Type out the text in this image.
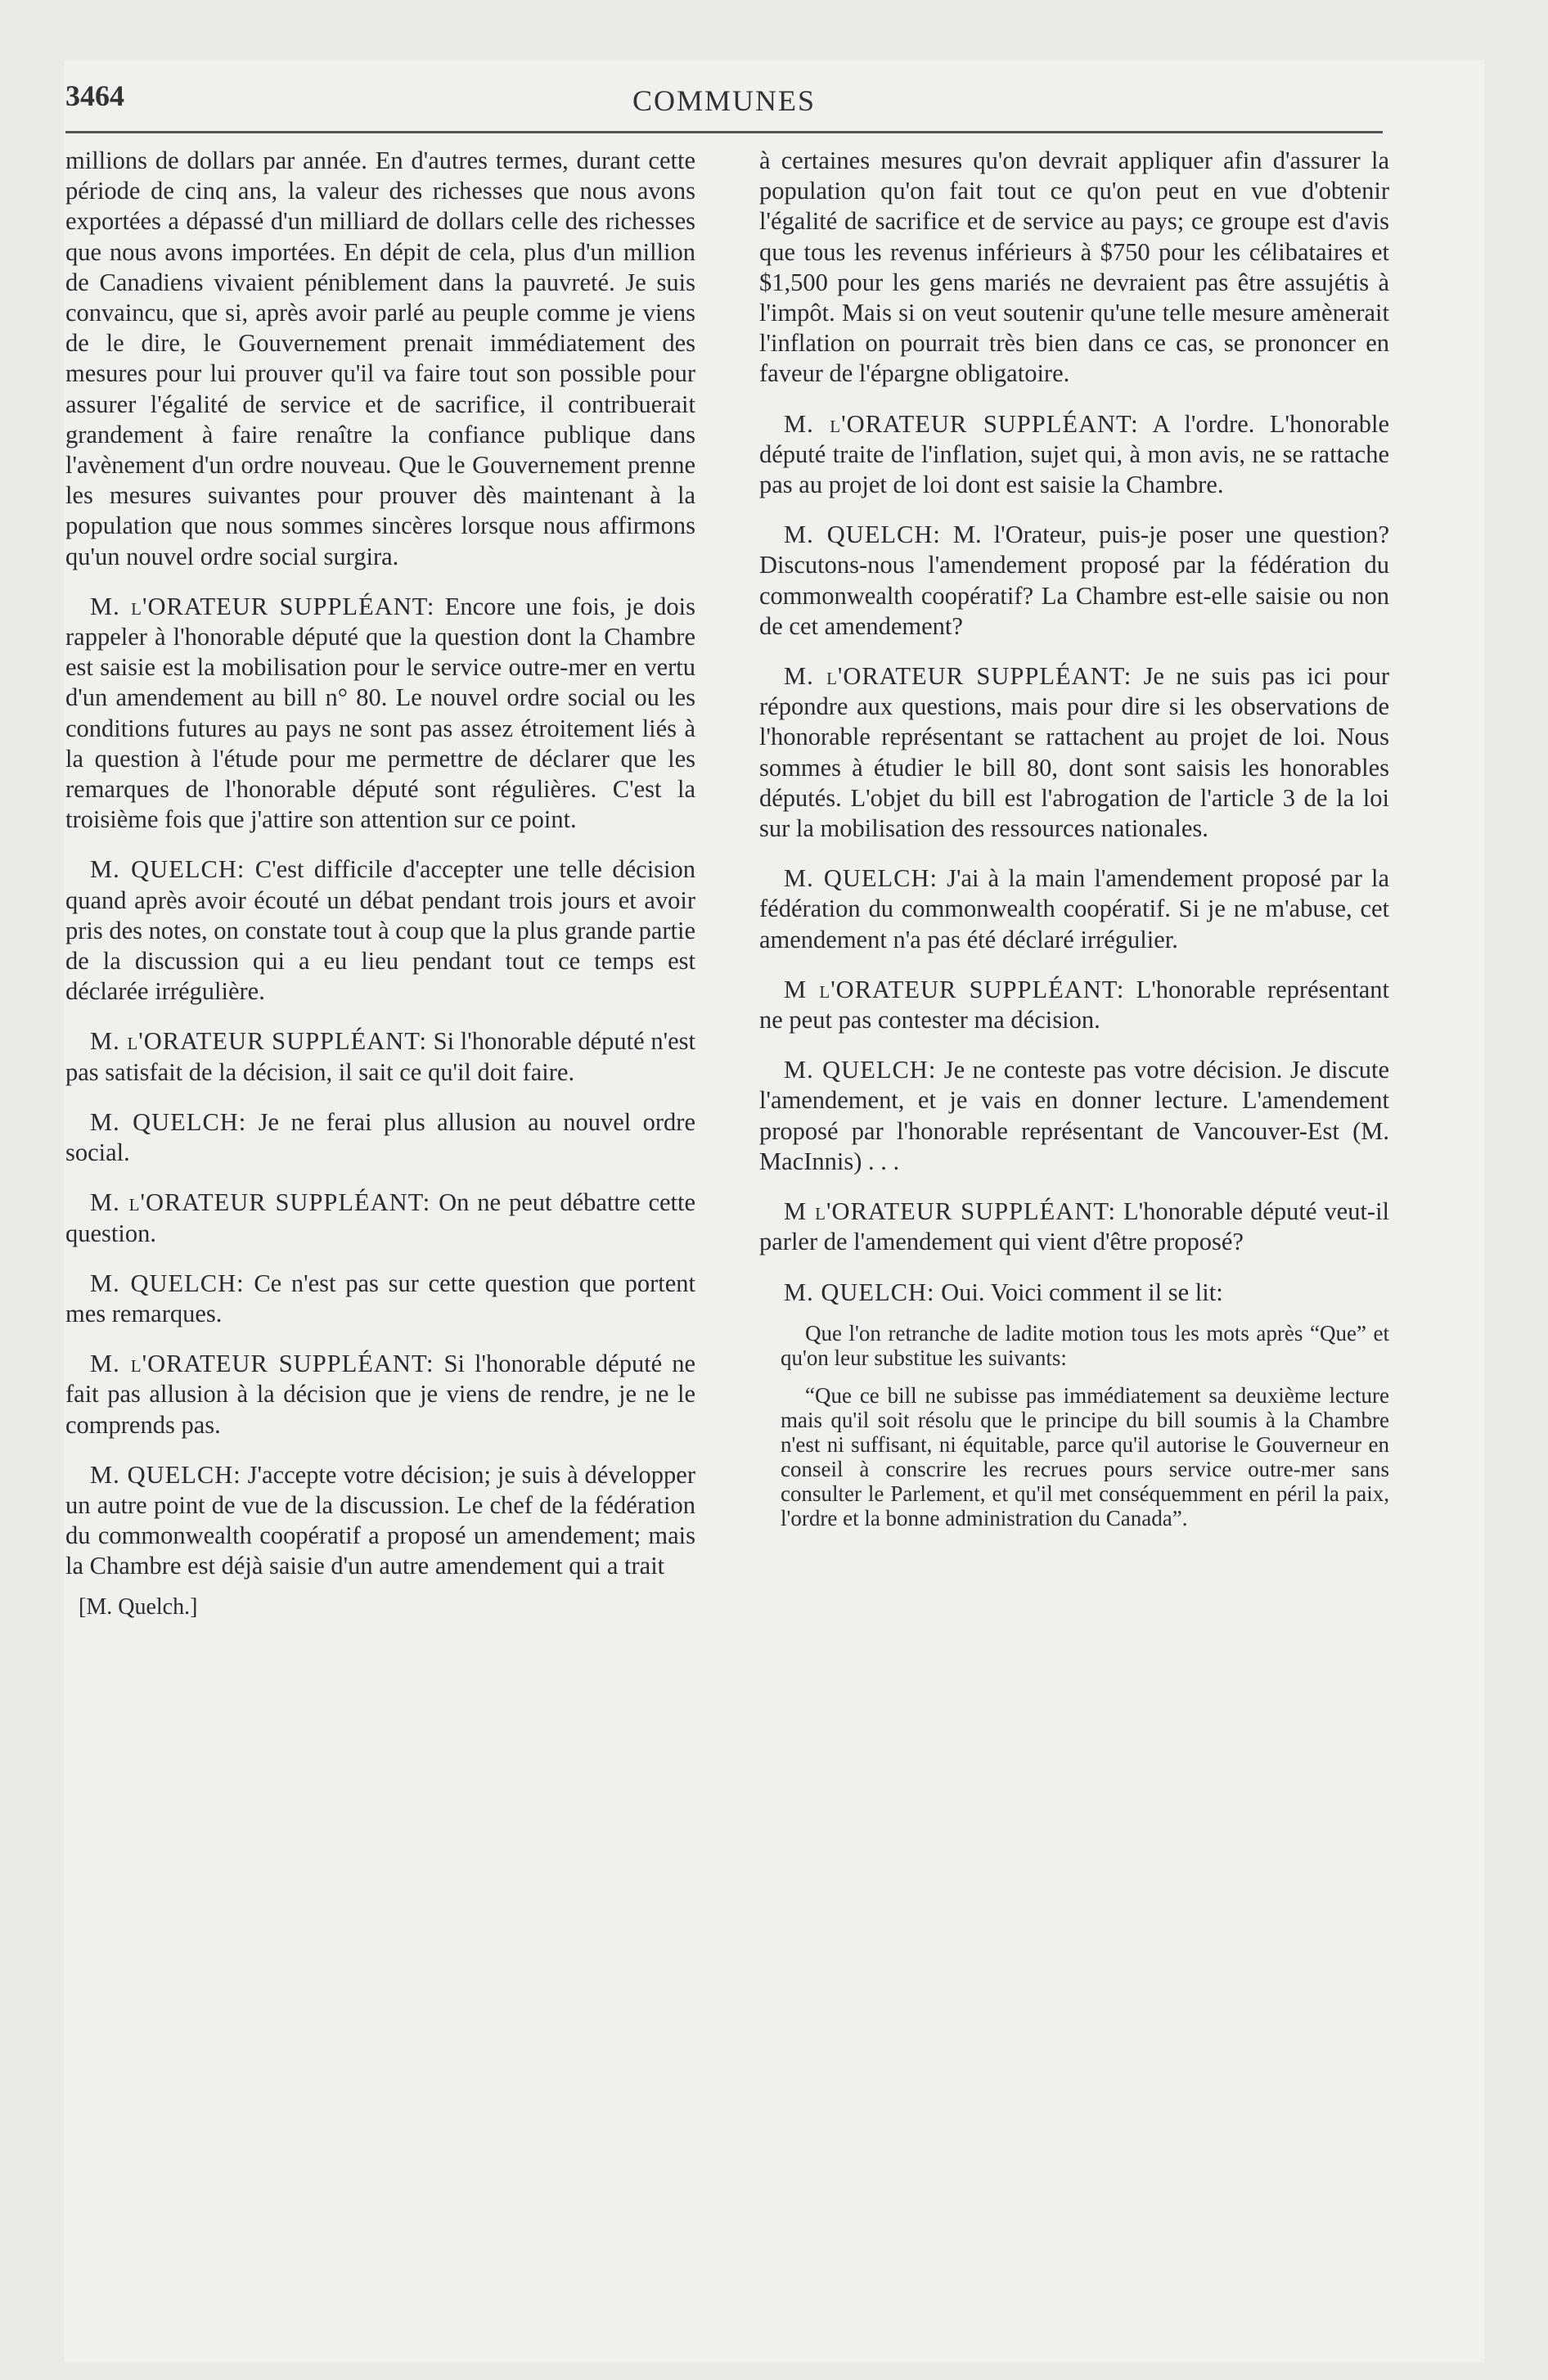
3464	COMMUNES

millions de dollars par année. En d'autres termes, durant cette période de cinq ans, la valeur des richesses que nous avons exportées a dépassé d'un milliard de dollars celle des richesses que nous avons importées. En dépit de cela, plus d'un million de Canadiens vivaient péniblement dans la pauvreté. Je suis convaincu, que si, après avoir parlé au peuple comme je viens de le dire, le Gouvernement prenait immédiatement des mesures pour lui prouver qu'il va faire tout son possible pour assurer l'égalité de service et de sacrifice, il contribuerait grandement à faire renaître la confiance publique dans l'avènement d'un ordre nouveau. Que le Gouvernement prenne les mesures suivantes pour prouver dès maintenant à la population que nous sommes sincères lorsque nous affirmons qu'un nouvel ordre social surgira.

M. l'ORATEUR SUPPLÉANT: Encore une fois, je dois rappeler à l'honorable député que la question dont la Chambre est saisie est la mobilisation pour le service outre-mer en vertu d'un amendement au bill n° 80. Le nouvel ordre social ou les conditions futures au pays ne sont pas assez étroitement liés à la question à l'étude pour me permettre de déclarer que les remarques de l'honorable député sont régulières. C'est la troisième fois que j'attire son attention sur ce point.

M. QUELCH: C'est difficile d'accepter une telle décision quand après avoir écouté un débat pendant trois jours et avoir pris des notes, on constate tout à coup que la plus grande partie de la discussion qui a eu lieu pendant tout ce temps est déclarée irrégulière.

M. l'ORATEUR SUPPLÉANT: Si l'honorable député n'est pas satisfait de la décision, il sait ce qu'il doit faire.

M. QUELCH: Je ne ferai plus allusion au nouvel ordre social.

M. l'ORATEUR SUPPLÉANT: On ne peut débattre cette question.

M. QUELCH: Ce n'est pas sur cette question que portent mes remarques.

M. l'ORATEUR SUPPLÉANT: Si l'honorable député ne fait pas allusion à la décision que je viens de rendre, je ne le comprends pas.

M. QUELCH: J'accepte votre décision; je suis à développer un autre point de vue de la discussion. Le chef de la fédération du commonwealth coopératif a proposé un amendement; mais la Chambre est déjà saisie d'un autre amendement qui a trait

[M. Quelch.]

à certaines mesures qu'on devrait appliquer afin d'assurer la population qu'on fait tout ce qu'on peut en vue d'obtenir l'égalité de sacrifice et de service au pays; ce groupe est d'avis que tous les revenus inférieurs à $750 pour les célibataires et $1,500 pour les gens mariés ne devraient pas être assujétis à l'impôt. Mais si on veut soutenir qu'une telle mesure amènerait l'inflation on pourrait très bien dans ce cas, se prononcer en faveur de l'épargne obligatoire.

M. l'ORATEUR SUPPLÉANT: A l'ordre. L'honorable député traite de l'inflation, sujet qui, à mon avis, ne se rattache pas au projet de loi dont est saisie la Chambre.

M. QUELCH: M. l'Orateur, puis-je poser une question? Discutons-nous l'amendement proposé par la fédération du commonwealth coopératif? La Chambre est-elle saisie ou non de cet amendement?

M. l'ORATEUR SUPPLÉANT: Je ne suis pas ici pour répondre aux questions, mais pour dire si les observations de l'honorable représentant se rattachent au projet de loi. Nous sommes à étudier le bill 80, dont sont saisis les honorables députés. L'objet du bill est l'abrogation de l'article 3 de la loi sur la mobilisation des ressources nationales.

M. QUELCH: J'ai à la main l'amendement proposé par la fédération du commonwealth coopératif. Si je ne m'abuse, cet amendement n'a pas été déclaré irrégulier.

M l'ORATEUR SUPPLÉANT: L'honorable représentant ne peut pas contester ma décision.

M. QUELCH: Je ne conteste pas votre décision. Je discute l'amendement, et je vais en donner lecture. L'amendement proposé par l'honorable représentant de Vancouver-Est (M. MacInnis) . . .

M l'ORATEUR SUPPLÉANT: L'honorable député veut-il parler de l'amendement qui vient d'être proposé?

M. QUELCH: Oui. Voici comment il se lit:

Que l'on retranche de ladite motion tous les mots après “Que” et qu'on leur substitue les suivants:
“Que ce bill ne subisse pas immédiatement sa deuxième lecture mais qu'il soit résolu que le principe du bill soumis à la Chambre n'est ni suffisant, ni équitable, parce qu'il autorise le Gouverneur en conseil à conscrire les recrues pours service outre-mer sans consulter le Parlement, et qu'il met conséquemment en péril la paix, l'ordre et la bonne administration du Canada”.
